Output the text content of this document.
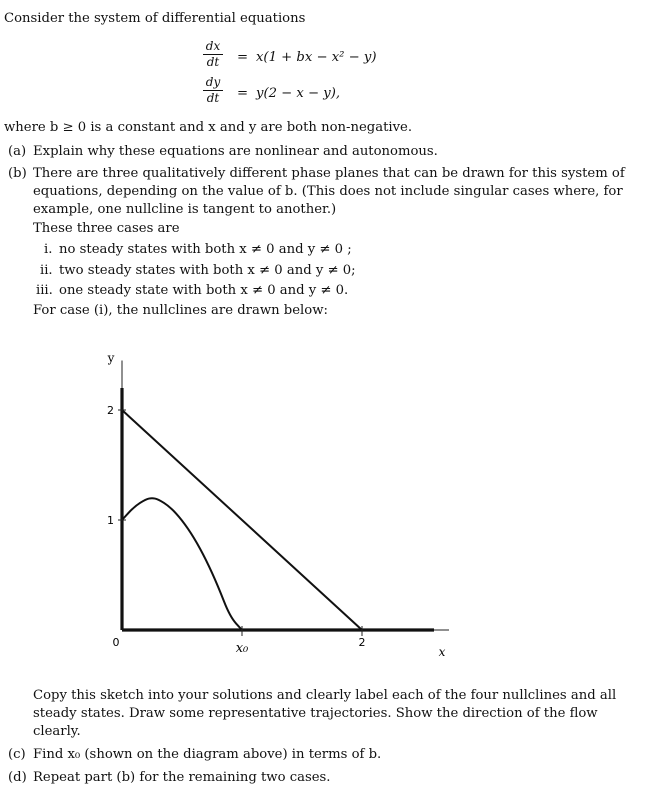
Consider the system of differential equations
dx
dt = x(1 + bx − x² − y)
dy
dt = y(2 − x − y),
where b ≥ 0 is a constant and x and y are both non-negative.
(a) Explain why these equations are nonlinear and autonomous.
(b) There are three qualitatively different phase planes that can be drawn for this system of
equations, depending on the value of b. (This does not include singular cases where, for
example, one nullcline is tangent to another.)
These three cases are
i. no steady states with both x ≠ 0 and y ≠ 0 ;
ii. two steady states with both x ≠ 0 and y ≠ 0;
iii. one steady state with both x ≠ 0 and y ≠ 0.
For case (i), the nullclines are drawn below:
1
2
x₀	2
y
x
0
Copy this sketch into your solutions and clearly label each of the four nullclines and all
steady states. Draw some representative trajectories. Show the direction of the flow
clearly.
(c) Find x₀ (shown on the diagram above) in terms of b.
(d) Repeat part (b) for the remaining two cases.
